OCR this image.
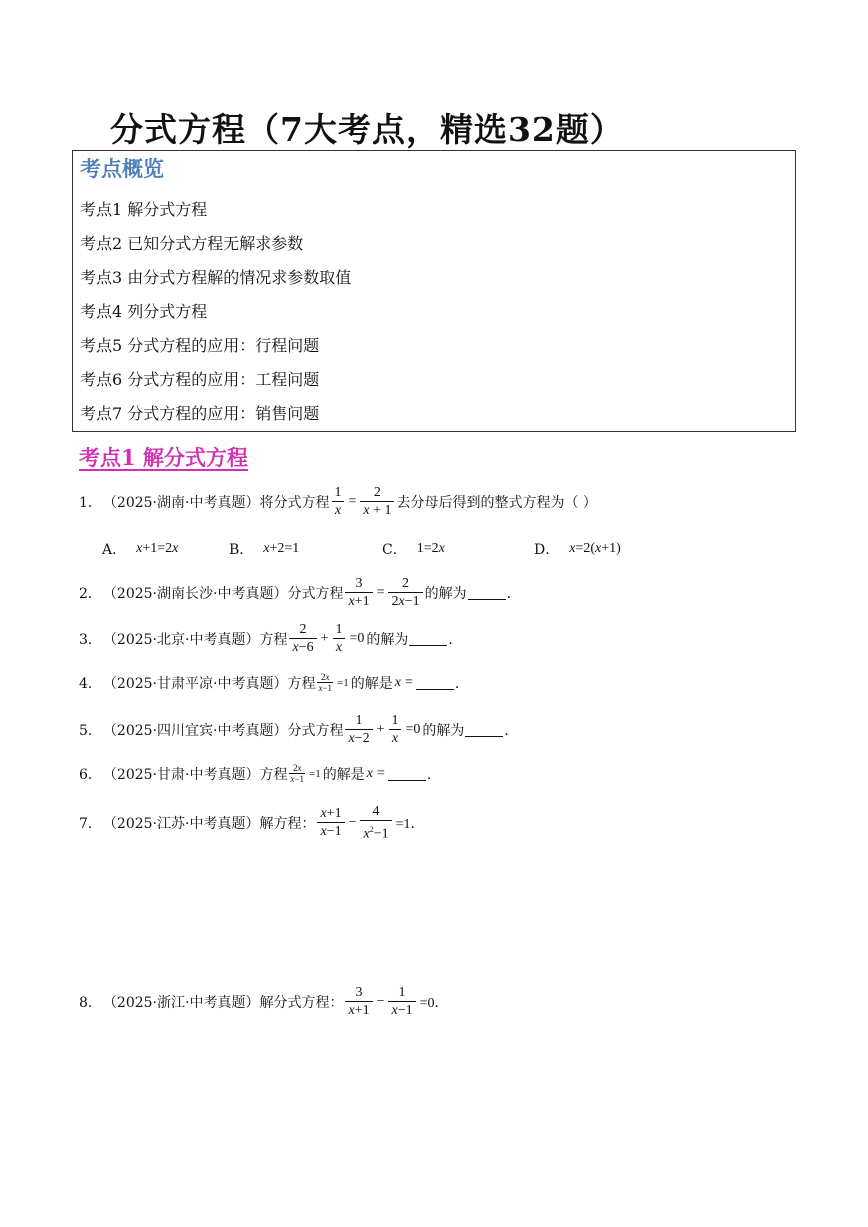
分式方程（7大考点，精选32题）
考点概览
考点1 解分式方程
考点2 已知分式方程无解求参数
考点3 由分式方程解的情况求参数取值
考点4 列分式方程
考点5 分式方程的应用：行程问题
考点6 分式方程的应用：工程问题
考点7 分式方程的应用：销售问题
考点1 解分式方程
1． （2025·湖南·中考真题） 将分式方程 $\frac{1}{x} = \frac{2}{x + 1}$ 去分母后得到的整式方程为（ ）
A． x+1=2x	B． x+2=1	C． 1=2x	D． x=2(x+1)
2． （2025·湖南长沙·中考真题） 分式方程 $\frac{3}{x+1} = \frac{2}{2x-1}$ 的解为	．
3． （2025·北京·中考真题） 方程 $\frac{2}{x-6} + \frac{1}{x} =0$ 的解为	．
4． （2025·甘肃平凉·中考真题） 方程 $\frac{2x}{x-1} =1$ 的解是 x =	．
5． （2025·四川宜宾·中考真题） 分式方程 $\frac{1}{x-2} + \frac{1}{x} =0$ 的解为	．
6． （2025·甘肃·中考真题） 方程 $\frac{2x}{x-1} =1$ 的解是 x =	．
7． （2025·江苏·中考真题） 解方程： $\frac{x+1}{x-1} - \frac{4}{x^2-1} =1$．
8． （2025·浙江·中考真题） 解分式方程： $\frac{3}{x+1} - \frac{1}{x-1} =0$．
